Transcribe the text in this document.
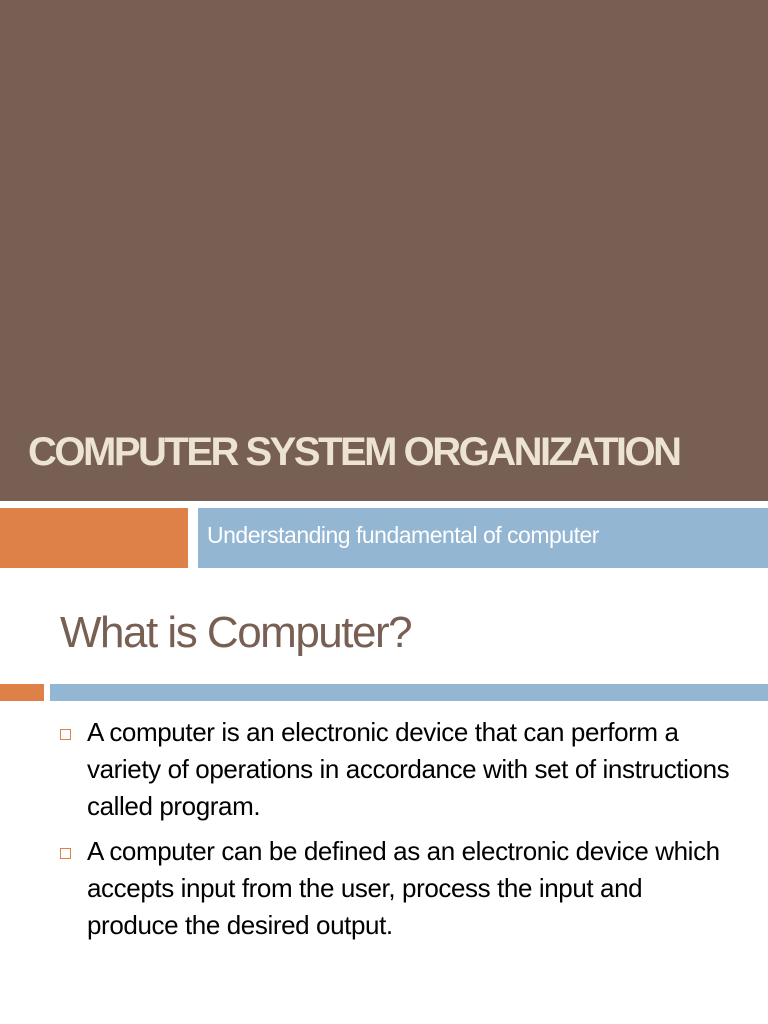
COMPUTER SYSTEM ORGANIZATION

Understanding fundamental of computer

What is Computer?
A computer is an electronic device that can perform a variety of operations in accordance with set of instructions called program.
A computer can be defined as an electronic device which accepts input from the user, process the input and produce the desired output.
